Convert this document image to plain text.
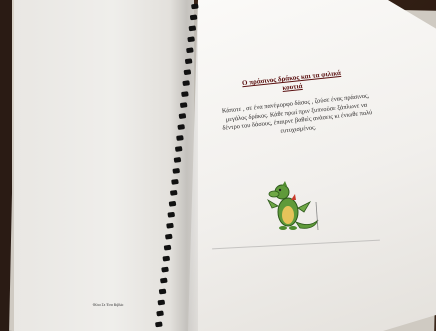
Ο πράσινος δράκος και τα φιλικά κουτιά
Κάποτε , σε ένα πανέμορφο δάσος , ζούσε ένας πράσινος, μεγάλος δράκος. Κάθε πρωί πριν ξυπνούσε ξάπλωνε να δέντρο του δάσους, έπαιρνε βαθιές ανάσεις κι ένιωθε πολύ ευτυχισμένος.
Φίλοι Σε Ένα Βιβλίο
